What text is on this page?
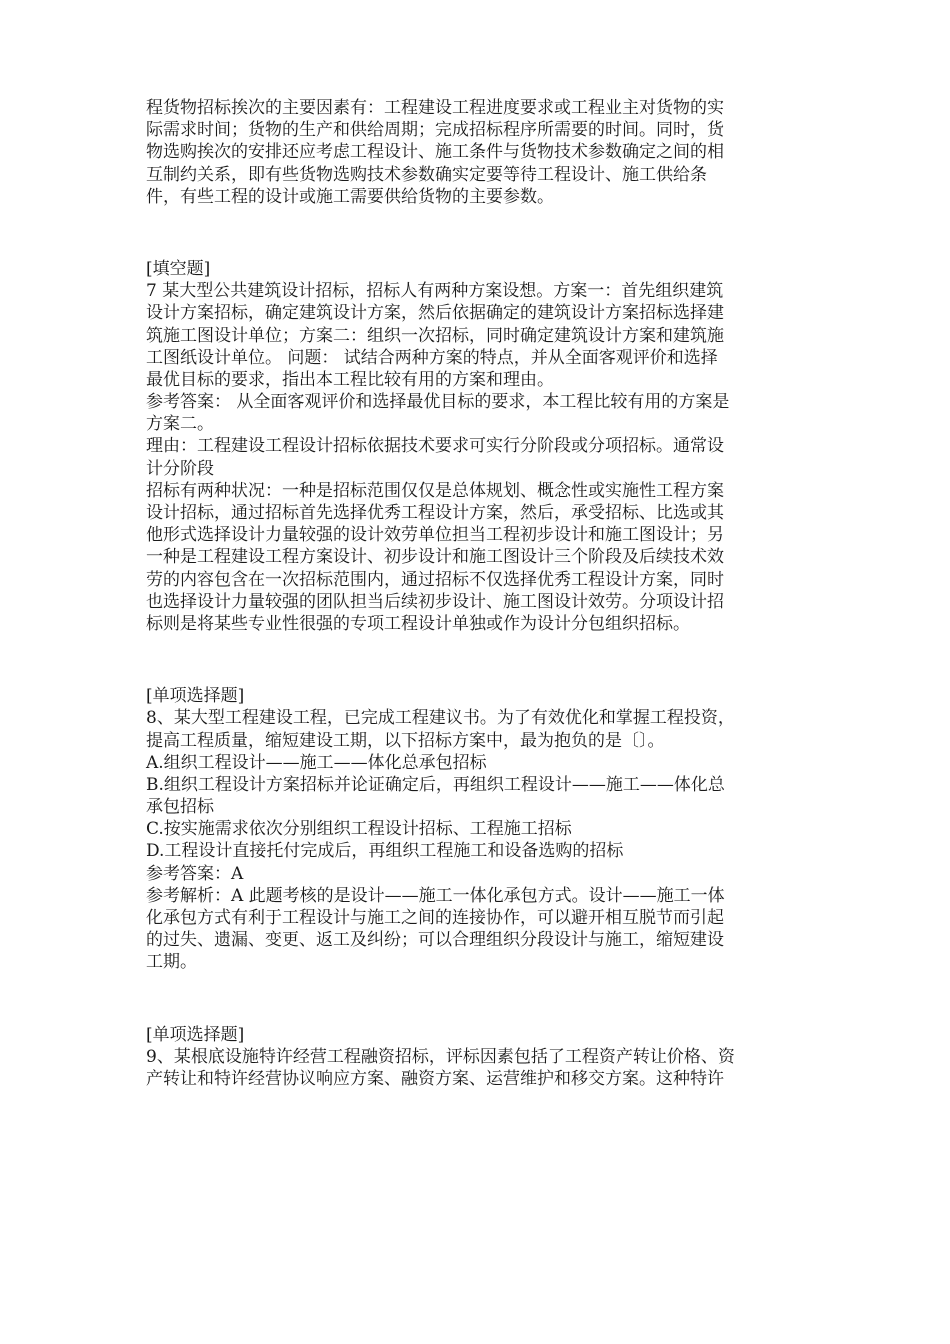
程货物招标挨次的主要因素有：工程建设工程进度要求或工程业主对货物的实
际需求时间；货物的生产和供给周期；完成招标程序所需要的时间。同时，货
物选购挨次的安排还应考虑工程设计、施工条件与货物技术参数确定之间的相
互制约关系，即有些货物选购技术参数确实定要等待工程设计、施工供给条
件，有些工程的设计或施工需要供给货物的主要参数。
[填空题]
7 某大型公共建筑设计招标，招标人有两种方案设想。方案一：首先组织建筑
设计方案招标，确定建筑设计方案，然后依据确定的建筑设计方案招标选择建
筑施工图设计单位；方案二：组织一次招标，同时确定建筑设计方案和建筑施
工图纸设计单位。 问题： 试结合两种方案的特点，并从全面客观评价和选择
最优目标的要求，指出本工程比较有用的方案和理由。
参考答案： 从全面客观评价和选择最优目标的要求，本工程比较有用的方案是
方案二。
理由：工程建设工程设计招标依据技术要求可实行分阶段或分项招标。通常设
计分阶段
招标有两种状况：一种是招标范围仅仅是总体规划、概念性或实施性工程方案
设计招标，通过招标首先选择优秀工程设计方案，然后，承受招标、比选或其
他形式选择设计力量较强的设计效劳单位担当工程初步设计和施工图设计；另
一种是工程建设工程方案设计、初步设计和施工图设计三个阶段及后续技术效
劳的内容包含在一次招标范围内，通过招标不仅选择优秀工程设计方案，同时
也选择设计力量较强的团队担当后续初步设计、施工图设计效劳。分项设计招
标则是将某些专业性很强的专项工程设计单独或作为设计分包组织招标。
[单项选择题]
8、某大型工程建设工程，已完成工程建议书。为了有效优化和掌握工程投资，
提高工程质量，缩短建设工期，以下招标方案中，最为抱负的是〔〕。
A.组织工程设计——施工——体化总承包招标
B.组织工程设计方案招标并论证确定后，再组织工程设计——施工——体化总
承包招标
C.按实施需求依次分别组织工程设计招标、工程施工招标
D.工程设计直接托付完成后，再组织工程施工和设备选购的招标
参考答案：A
参考解析：A 此题考核的是设计——施工一体化承包方式。设计——施工一体
化承包方式有利于工程设计与施工之间的连接协作，可以避开相互脱节而引起
的过失、遗漏、变更、返工及纠纷；可以合理组织分段设计与施工，缩短建设
工期。
[单项选择题]
9、某根底设施特许经营工程融资招标，评标因素包括了工程资产转让价格、资
产转让和特许经营协议响应方案、融资方案、运营维护和移交方案。这种特许
